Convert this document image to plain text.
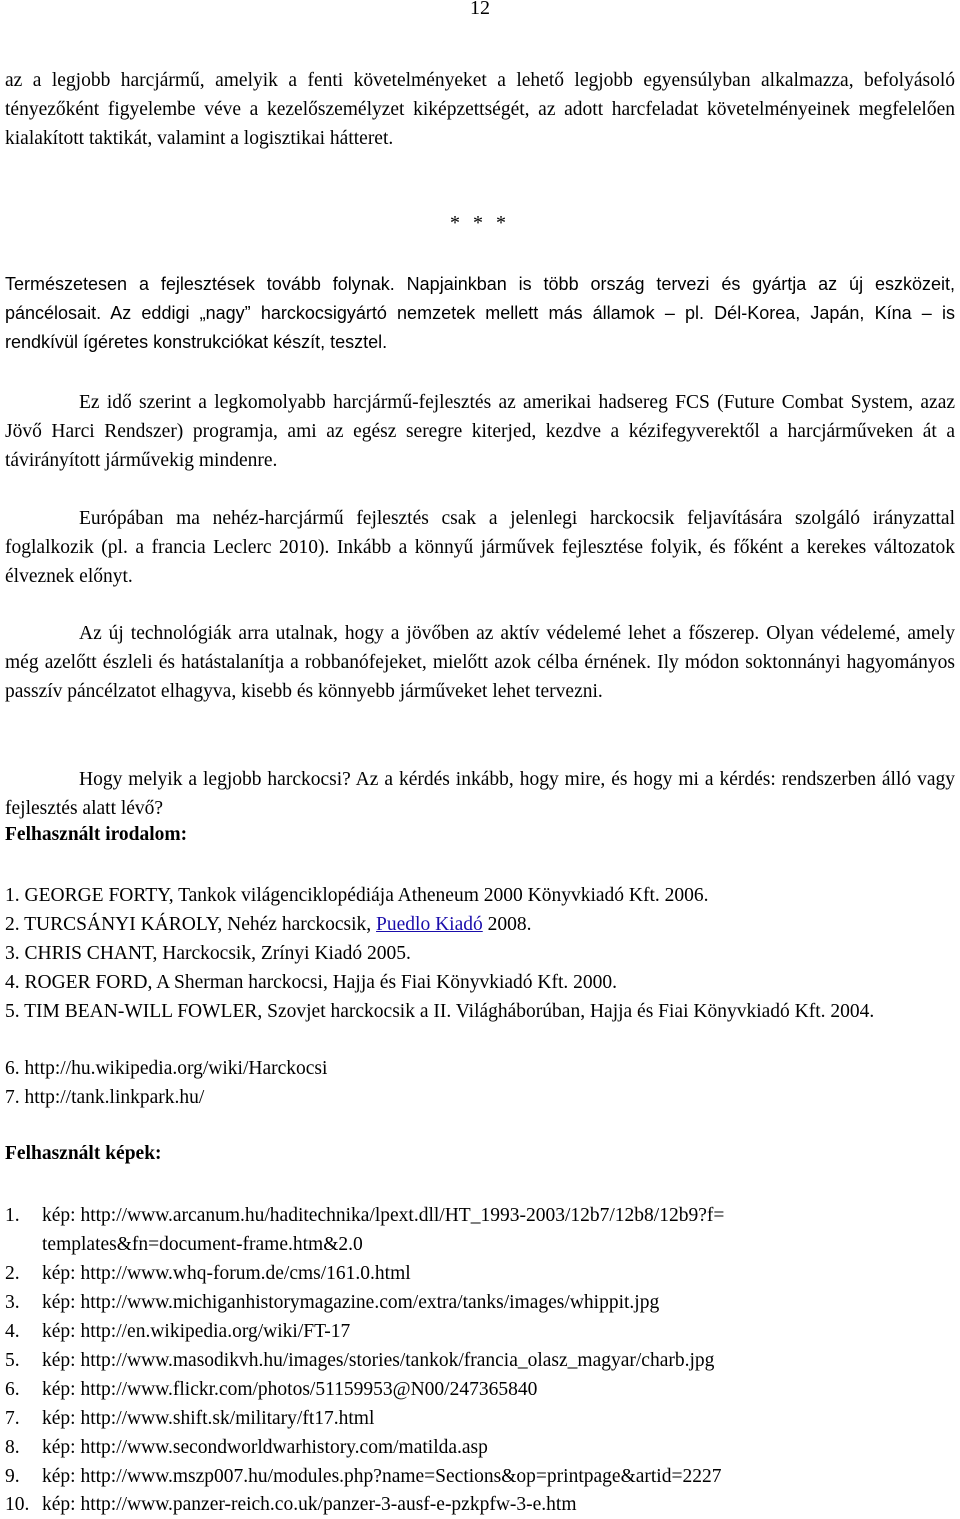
12
az a legjobb harcjármű, amelyik a fenti követelményeket a lehető legjobb egyensúlyban alkalmazza, befolyásoló tényezőként figyelembe véve a kezelőszemélyzet kiképzettségét, az adott harcfeladat követelményeinek megfelelően kialakított taktikát, valamint a logisztikai hátteret.
* * *
Természetesen a fejlesztések tovább folynak. Napjainkban is több ország tervezi és gyártja az új eszközeit, páncélosait. Az eddigi „nagy” harckocsigyártó nemzetek mellett más államok – pl. Dél-Korea, Japán, Kína – is rendkívül ígéretes konstrukciókat készít, tesztel.
Ez idő szerint a legkomolyabb harcjármű-fejlesztés az amerikai hadsereg FCS (Future Combat System, azaz Jövő Harci Rendszer) programja, ami az egész seregre kiterjed, kezdve a kézifegyverektől a harcjárműveken át a távirányított járművekig mindenre.
Európában ma nehéz-harcjármű fejlesztés csak a jelenlegi harckocsik feljavítására szolgáló irányzattal foglalkozik (pl. a francia Leclerc 2010). Inkább a könnyű járművek fejlesztése folyik, és főként a kerekes változatok élveznek előnyt.
Az új technológiák arra utalnak, hogy a jövőben az aktív védelemé lehet a főszerep. Olyan védelemé, amely még azelőtt észleli és hatástalanítja a robbanófejeket, mielőtt azok célba érnének. Ily módon soktonnányi hagyományos passzív páncélzatot elhagyva, kisebb és könnyebb járműveket lehet tervezni.
Hogy melyik a legjobb harckocsi? Az a kérdés inkább, hogy mire, és hogy mi a kérdés: rendszerben álló vagy fejlesztés alatt lévő?
Felhasznált irodalom:
1. GEORGE FORTY, Tankok világenciklopédiája Atheneum 2000 Könyvkiadó Kft. 2006.
2. TURCSÁNYI KÁROLY, Nehéz harckocsik, Puedlo Kiadó 2008.
3. CHRIS CHANT, Harckocsik, Zrínyi Kiadó 2005.
4. ROGER FORD, A Sherman harckocsi, Hajja és Fiai Könyvkiadó Kft. 2000.
5. TIM BEAN-WILL FOWLER, Szovjet harckocsik a II. Világháborúban, Hajja és Fiai Könyvkiadó Kft. 2004.
6. http://hu.wikipedia.org/wiki/Harckocsi
7. http://tank.linkpark.hu/
Felhasznált képek:
1. kép: http://www.arcanum.hu/haditechnika/lpext.dll/HT_1993-2003/12b7/12b8/12b9?f=
templates&fn=document-frame.htm&2.0
2. kép: http://www.whq-forum.de/cms/161.0.html
3. kép: http://www.michiganhistorymagazine.com/extra/tanks/images/whippit.jpg
4. kép: http://en.wikipedia.org/wiki/FT-17
5. kép: http://www.masodikvh.hu/images/stories/tankok/francia_olasz_magyar/charb.jpg
6. kép: http://www.flickr.com/photos/51159953@N00/247365840
7. kép: http://www.shift.sk/military/ft17.html
8. kép: http://www.secondworldwarhistory.com/matilda.asp
9. kép: http://www.mszp007.hu/modules.php?name=Sections&op=printpage&artid=2227
10. kép: http://www.panzer-reich.co.uk/panzer-3-ausf-e-pzkpfw-3-e.htm
